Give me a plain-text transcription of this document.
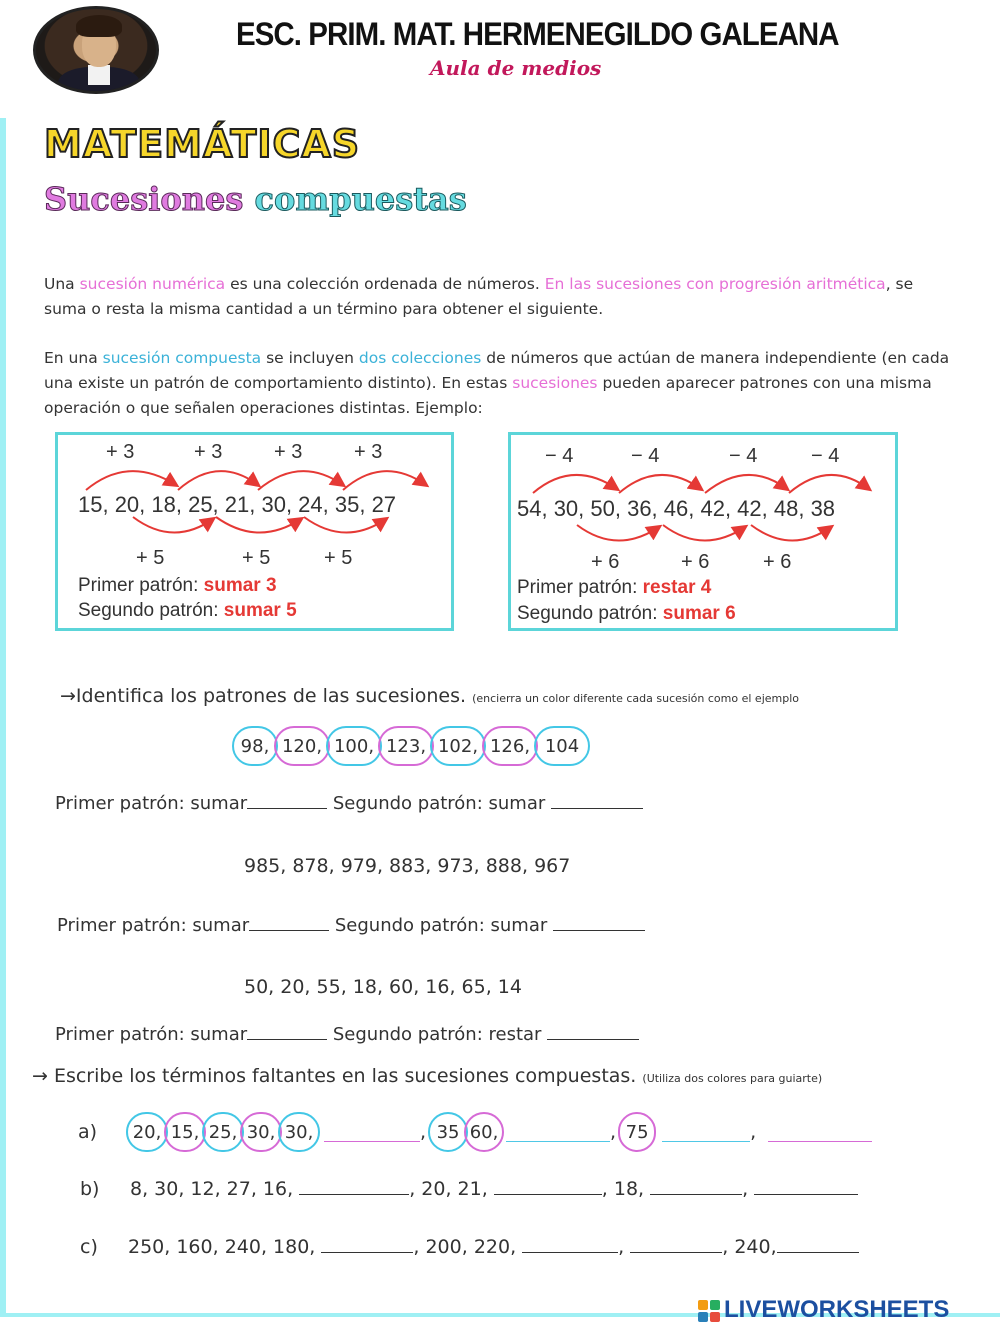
ESC. PRIM. MAT. HERMENEGILDO GALEANA
Aula de medios
MATEMÁTICAS
Sucesiones compuestas
Una sucesión numérica es una colección ordenada de números. En las sucesiones con progresión aritmética, se suma o resta la misma cantidad a un término para obtener el siguiente.
En una sucesión compuesta se incluyen dos colecciones de números que actúan de manera independiente (en cada una existe un patrón de comportamiento distinto). En estas sucesiones pueden aparecer patrones con una misma operación o que señalen operaciones distintas. Ejemplo:
+ 3	+ 3	+ 3	+ 3
15, 20, 18, 25, 21, 30, 24, 35, 27
+ 5	+ 5	+ 5
Primer patrón: sumar 3
Segundo patrón: sumar 5
− 4	− 4	− 4	− 4
54, 30, 50, 36, 46, 42, 42, 48, 38
+ 6	+ 6	+ 6
Primer patrón: restar 4
Segundo patrón: sumar 6
→Identifica los patrones de las sucesiones. (encierra un color diferente cada sucesión como el ejemplo
98, 120, 100, 123, 102, 126, 104
Primer patrón: sumar	Segundo patrón: sumar
985, 878, 979, 883, 973, 888, 967
Primer patrón: sumar	Segundo patrón: sumar
50, 20, 55, 18, 60, 16, 65, 14
Primer patrón: sumar	Segundo patrón: restar
→ Escribe los términos faltantes en las sucesiones compuestas. (Utiliza dos colores para guiarte)
a)	20, 15, 25, 30, 30,	, 35 60,	, 75	,
b) 8, 30, 12, 27, 16,	, 20, 21,	, 18,	,
c) 250, 160, 240, 180,	, 200, 220,	,	, 240,
LIVEWORKSHEETS
